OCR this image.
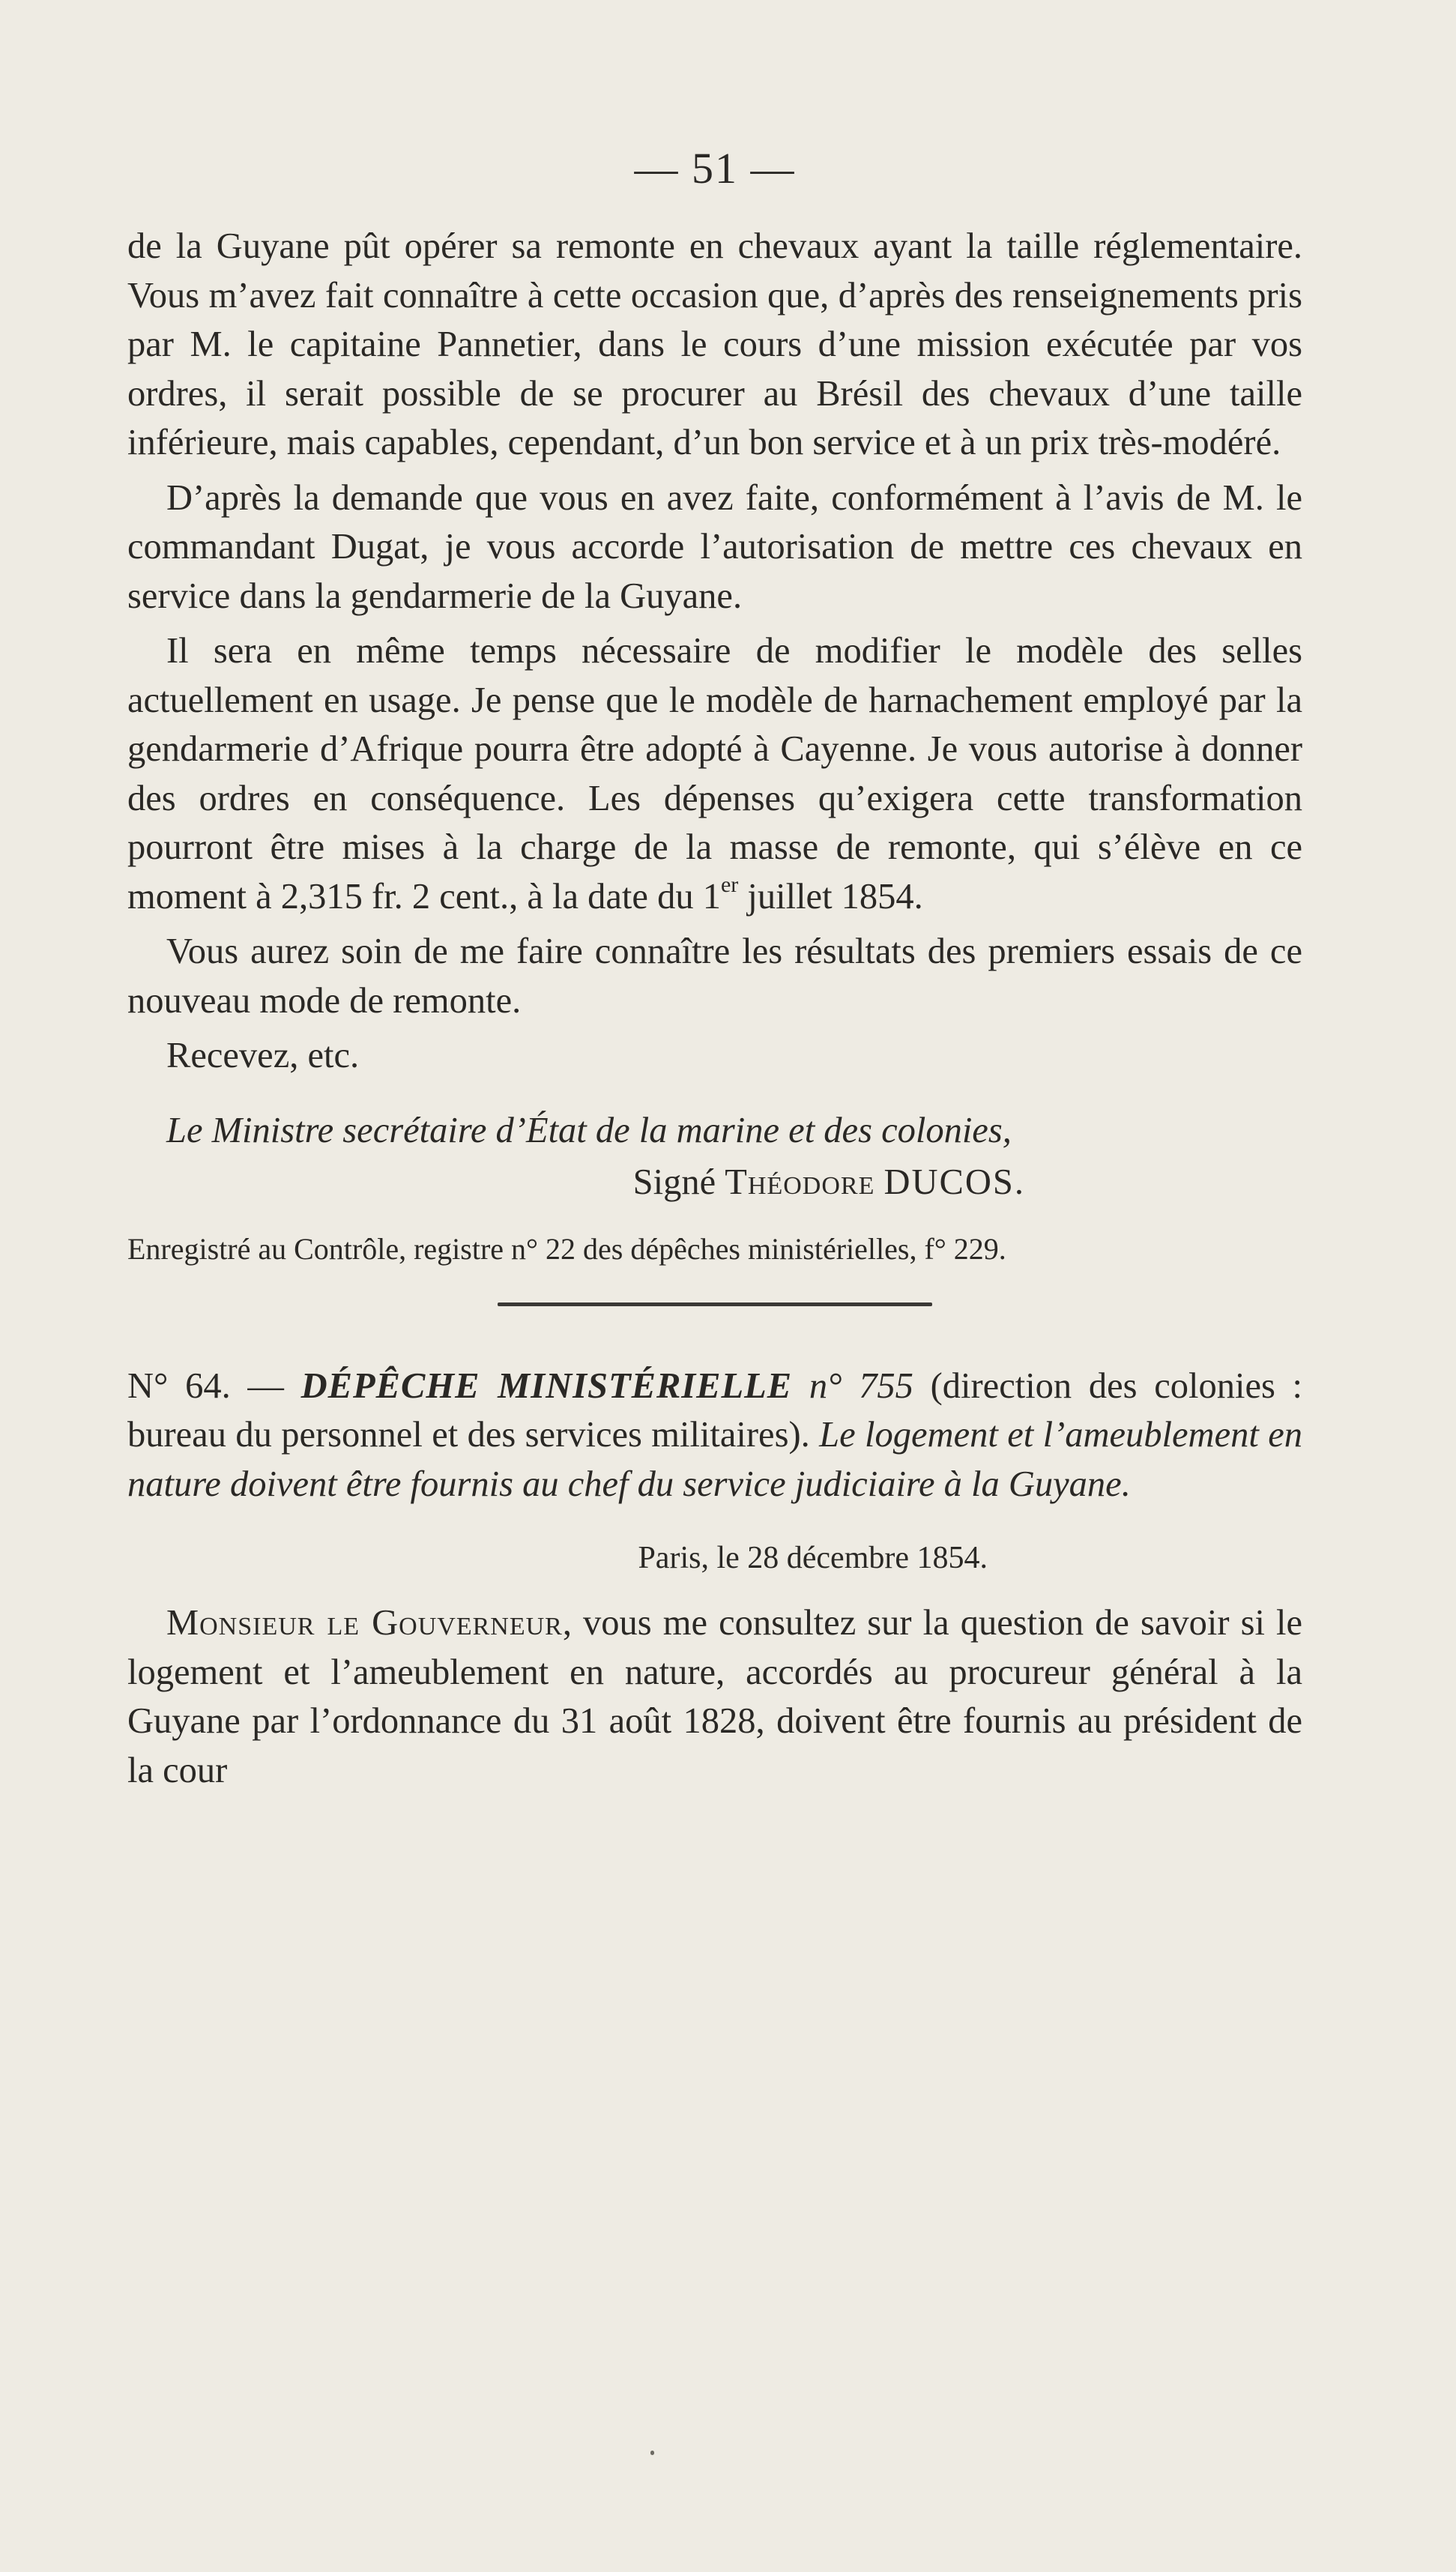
— 51 —

de la Guyane pût opérer sa remonte en chevaux ayant la taille réglementaire. Vous m’avez fait connaître à cette occasion que, d’après des renseignements pris par M. le capitaine Pannetier, dans le cours d’une mission exécutée par vos ordres, il serait possible de se procurer au Brésil des chevaux d’une taille inférieure, mais capables, cependant, d’un bon service et à un prix très-modéré.

D’après la demande que vous en avez faite, conformément à l’avis de M. le commandant Dugat, je vous accorde l’autorisation de mettre ces chevaux en service dans la gendarmerie de la Guyane.

Il sera en même temps nécessaire de modifier le modèle des selles actuellement en usage. Je pense que le modèle de harnachement employé par la gendarmerie d’Afrique pourra être adopté à Cayenne. Je vous autorise à donner des ordres en conséquence. Les dépenses qu’exigera cette transformation pourront être mises à la charge de la masse de remonte, qui s’élève en ce moment à 2,315 fr. 2 cent., à la date du 1er juillet 1854.

Vous aurez soin de me faire connaître les résultats des premiers essais de ce nouveau mode de remonte.

Recevez, etc.

Le Ministre secrétaire d’État de la marine et des colonies,

Signé Théodore DUCOS.

Enregistré au Contrôle, registre n° 22 des dépêches ministérielles, f° 229.

N° 64. — DÉPÊCHE MINISTÉRIELLE n° 755 (direction des colonies : bureau du personnel et des services militaires). Le logement et l’ameublement en nature doivent être fournis au chef du service judiciaire à la Guyane.

Paris, le 28 décembre 1854.

Monsieur le Gouverneur, vous me consultez sur la question de savoir si le logement et l’ameublement en nature, accordés au procureur général à la Guyane par l’ordonnance du 31 août 1828, doivent être fournis au président de la cour
